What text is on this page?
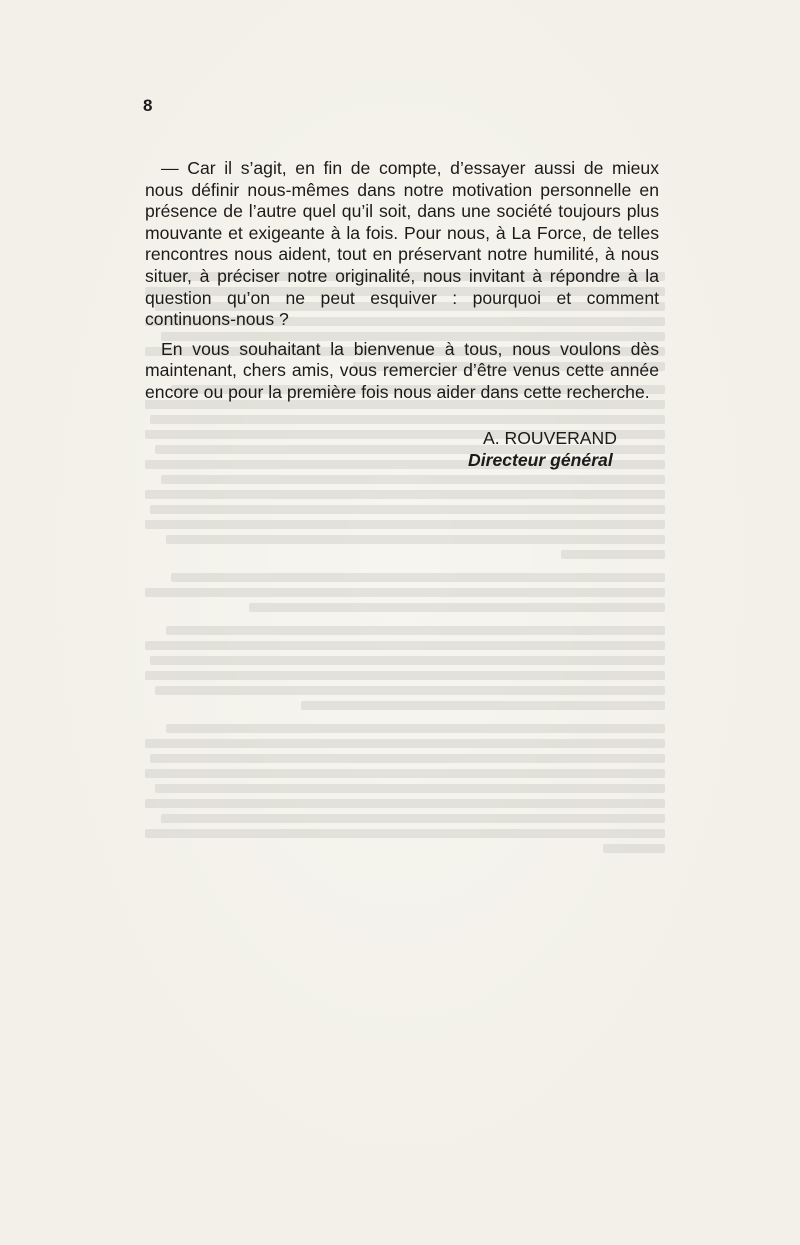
8

— Car il s’agit, en fin de compte, d’essayer aussi de mieux nous définir nous-mêmes dans notre motivation personnelle en présence de l’autre quel qu’il soit, dans une société toujours plus mouvante et exigeante à la fois. Pour nous, à La Force, de telles rencontres nous aident, tout en préservant notre humilité, à nous situer, à préciser notre originalité, nous invitant à répondre à la question qu’on ne peut esquiver : pourquoi et comment continuons-nous ?

En vous souhaitant la bienvenue à tous, nous voulons dès maintenant, chers amis, vous remercier d’être venus cette année encore ou pour la première fois nous aider dans cette recherche.

A. ROUVERAND
Directeur général
